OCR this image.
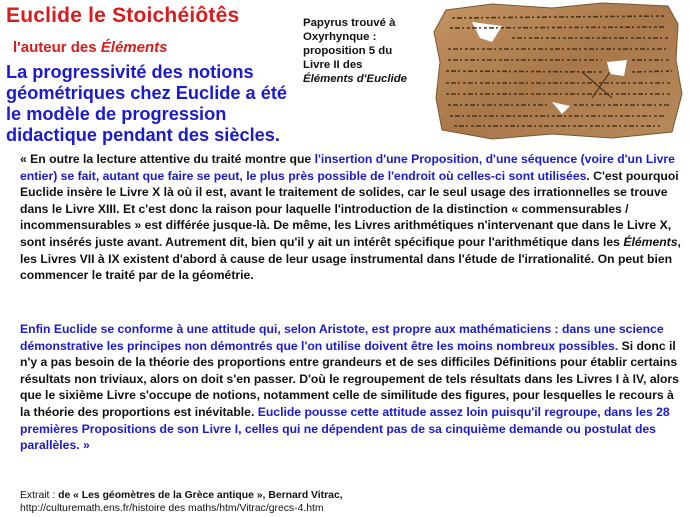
Euclide le Stoichéiôtês
l'auteur des Éléments
La progressivité des notions géométriques chez Euclide a été le modèle de progression didactique pendant des siècles.
Papyrus trouvé à
Oxyrhynque :
proposition 5 du
Livre II des
Éléments d'Euclide
« En outre la lecture attentive du traité montre que l'insertion d'une Proposition, d'une séquence (voire d'un Livre entier) se fait, autant que faire se peut, le plus près possible de l'endroit où celles-ci sont utilisées. C'est pourquoi Euclide insère le Livre X là où il est, avant le traitement de solides, car le seul usage des irrationnelles se trouve dans le Livre XIII. Et c'est donc la raison pour laquelle l'introduction de la distinction « commensurables / incommensurables » est différée jusque-là. De même, les Livres arithmétiques n'intervenant que dans le Livre X, sont insérés juste avant. Autrement dit, bien qu'il y ait un intérêt spécifique pour l'arithmétique dans les Éléments, les Livres VII à IX existent d'abord à cause de leur usage instrumental dans l'étude de l'irrationalité. On peut bien commencer le traité par de la géométrie.
Enfin Euclide se conforme à une attitude qui, selon Aristote, est propre aux mathématiciens : dans une science démonstrative les principes non démontrés que l'on utilise doivent être les moins nombreux possibles. Si donc il n'y a pas besoin de la théorie des proportions entre grandeurs et de ses difficiles Définitions pour établir certains résultats non triviaux, alors on doit s'en passer. D'où le regroupement de tels résultats dans les Livres I à IV, alors que le sixième Livre s'occupe de notions, notamment celle de similitude des figures, pour lesquelles le recours à la théorie des proportions est inévitable. Euclide pousse cette attitude assez loin puisqu'il regroupe, dans les 28 premières Propositions de son Livre I, celles qui ne dépendent pas de sa cinquième demande ou postulat des parallèles. »
Extrait : de « Les géomètres de la Grèce antique », Bernard Vitrac,
http://culturemath.ens.fr/histoire des maths/htm/Vitrac/grecs-4.htm
